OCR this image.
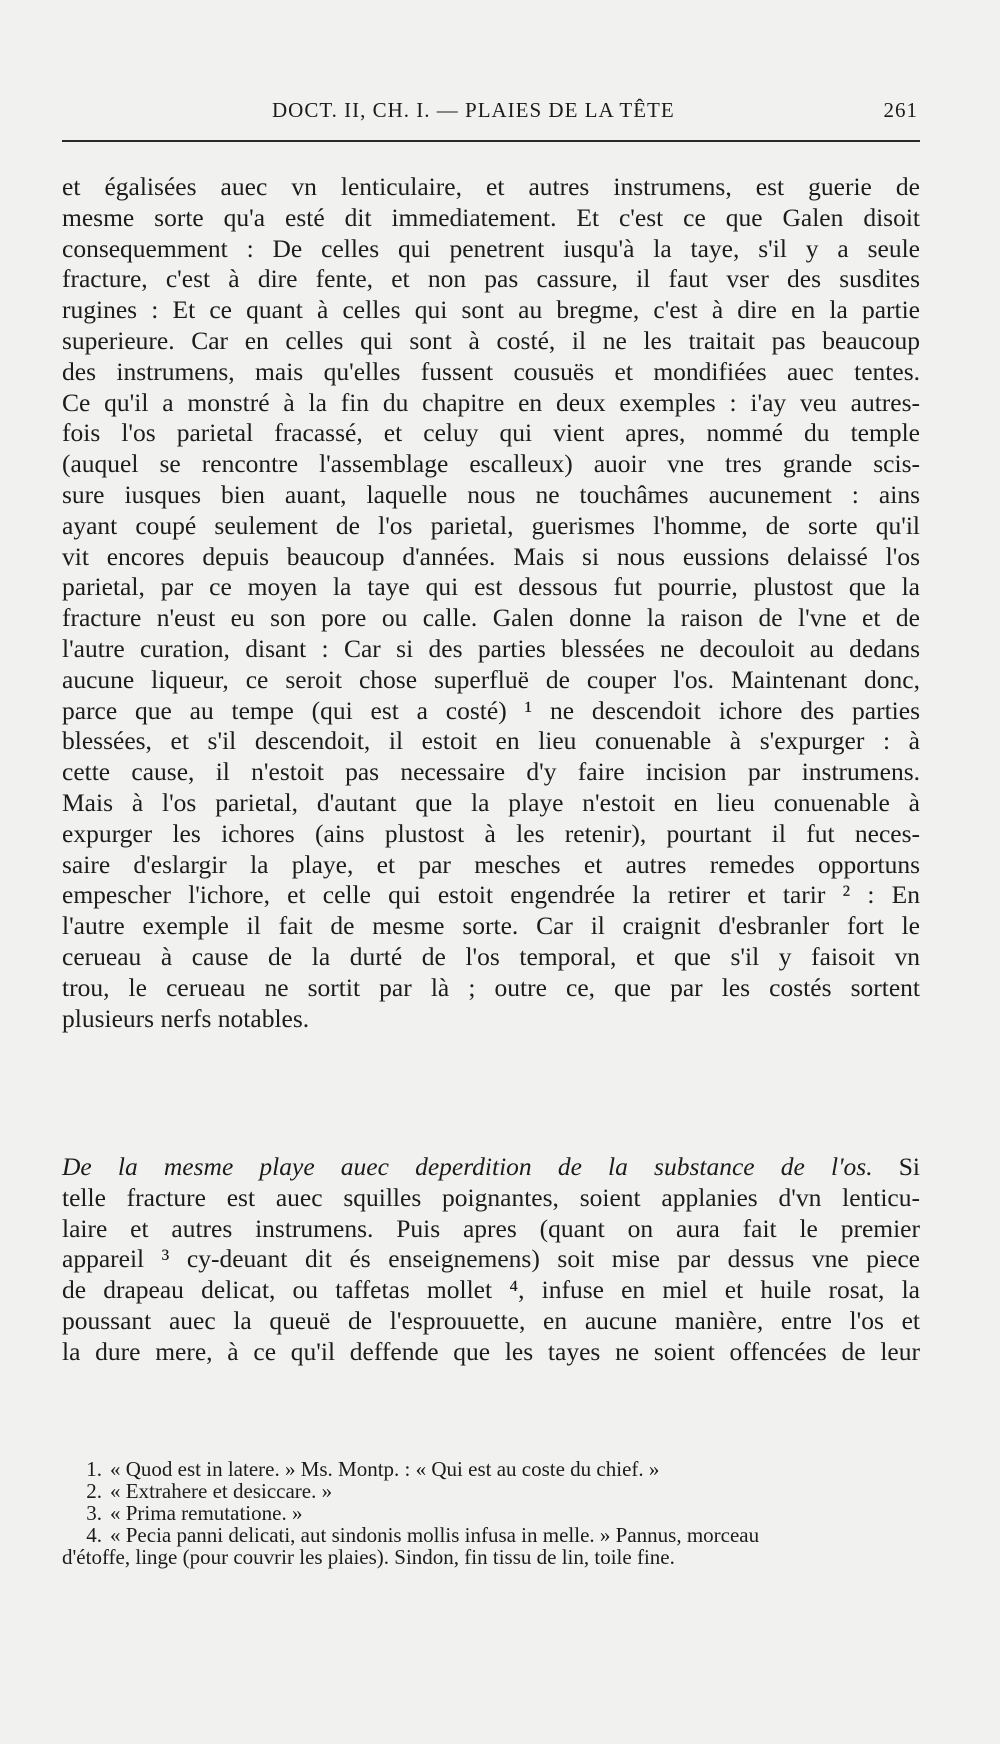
DOCT. II, CH. I. — PLAIES DE LA TÊTE	261
et égalisées auec vn lenticulaire, et autres instrumens, est guerie de
mesme sorte qu'a esté dit immediatement. Et c'est ce que Galen disoit
consequemment : De celles qui penetrent iusqu'à la taye, s'il y a seule
fracture, c'est à dire fente, et non pas cassure, il faut vser des susdites
rugines : Et ce quant à celles qui sont au bregme, c'est à dire en la partie
superieure. Car en celles qui sont à costé, il ne les traitait pas beaucoup
des instrumens, mais qu'elles fussent cousuës et mondifiées auec tentes.
Ce qu'il a monstré à la fin du chapitre en deux exemples : i'ay veu autres-
fois l'os parietal fracassé, et celuy qui vient apres, nommé du temple
(auquel se rencontre l'assemblage escalleux) auoir vne tres grande scis-
sure iusques bien auant, laquelle nous ne touchâmes aucunement : ains
ayant coupé seulement de l'os parietal, guerismes l'homme, de sorte qu'il
vit encores depuis beaucoup d'années. Mais si nous eussions delaissé l'os
parietal, par ce moyen la taye qui est dessous fut pourrie, plustost que la
fracture n'eust eu son pore ou calle. Galen donne la raison de l'vne et de
l'autre curation, disant : Car si des parties blessées ne decouloit au dedans
aucune liqueur, ce seroit chose superfluë de couper l'os. Maintenant donc,
parce que au tempe (qui est a costé) ¹ ne descendoit ichore des parties
blessées, et s'il descendoit, il estoit en lieu conuenable à s'expurger : à
cette cause, il n'estoit pas necessaire d'y faire incision par instrumens.
Mais à l'os parietal, d'autant que la playe n'estoit en lieu conuenable à
expurger les ichores (ains plustost à les retenir), pourtant il fut neces-
saire d'eslargir la playe, et par mesches et autres remedes opportuns
empescher l'ichore, et celle qui estoit engendrée la retirer et tarir ² : En
l'autre exemple il fait de mesme sorte. Car il craignit d'esbranler fort le
cerueau à cause de la durté de l'os temporal, et que s'il y faisoit vn
trou, le cerueau ne sortit par là ; outre ce, que par les costés sortent
plusieurs nerfs notables.
De la mesme playe auec deperdition de la substance de l'os. Si
telle fracture est auec squilles poignantes, soient applanies d'vn lenticu-
laire et autres instrumens. Puis apres (quant on aura fait le premier
appareil ³ cy-deuant dit és enseignemens) soit mise par dessus vne piece
de drapeau delicat, ou taffetas mollet ⁴, infuse en miel et huile rosat, la
poussant auec la queuë de l'esprouuette, en aucune manière, entre l'os et
la dure mere, à ce qu'il deffende que les tayes ne soient offencées de leur
1. « Quod est in latere. » Ms. Montp. : « Qui est au coste du chief. »
2. « Extrahere et desiccare. »
3. « Prima remutatione. »
4. « Pecia panni delicati, aut sindonis mollis infusa in melle. » Pannus, morceau
d'étoffe, linge (pour couvrir les plaies). Sindon, fin tissu de lin, toile fine.
